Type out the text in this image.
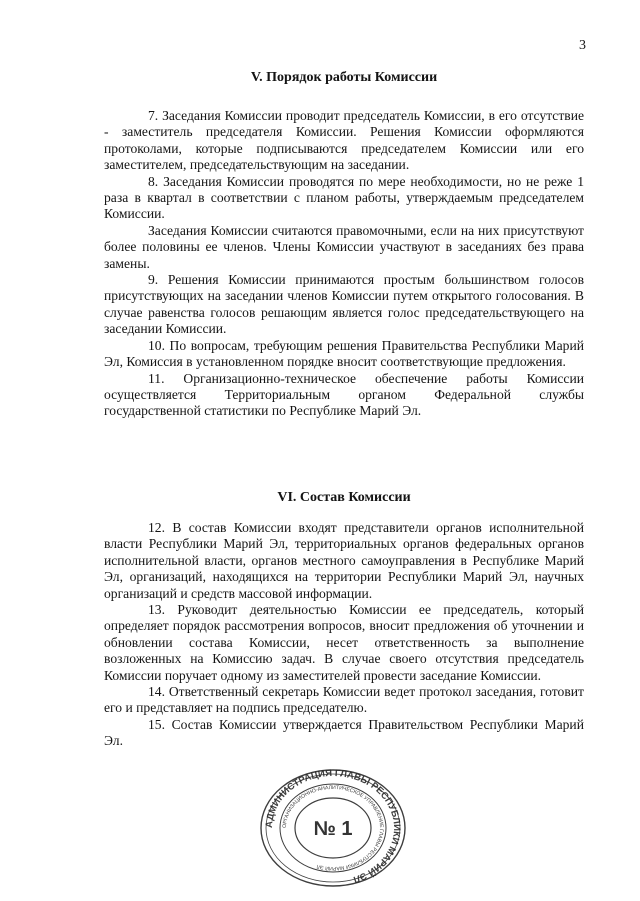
3
V. Порядок работы Комиссии

7. Заседания Комиссии проводит председатель Комиссии, в его отсутствие - заместитель председателя Комиссии. Решения Комиссии оформляются протоколами, которые подписываются председателем Комиссии или его заместителем, председательствующим на заседании.

8. Заседания Комиссии проводятся по мере необходимости, но не реже 1 раза в квартал в соответствии с планом работы, утверждаемым председателем Комиссии.

Заседания Комиссии считаются правомочными, если на них присутствуют более половины ее членов. Члены Комиссии участвуют в заседаниях без права замены.

9. Решения Комиссии принимаются простым большинством голосов присутствующих на заседании членов Комиссии путем открытого голосования. В случае равенства голосов решающим является голос председательствующего на заседании Комиссии.

10. По вопросам, требующим решения Правительства Республики Марий Эл, Комиссия в установленном порядке вносит соответствующие предложения.

11. Организационно-техническое обеспечение работы Комиссии осуществляется Территориальным органом Федеральной службы государственной статистики по Республике Марий Эл.

VI. Состав Комиссии

12. В состав Комиссии входят представители органов исполнительной власти Республики Марий Эл, территориальных органов федеральных органов исполнительной власти, органов местного самоуправления в Республике Марий Эл, организаций, находящихся на территории Республики Марий Эл, научных организаций и средств массовой информации.

13. Руководит деятельностью Комиссии ее председатель, который определяет порядок рассмотрения вопросов, вносит предложения об уточнении и обновлении состава Комиссии, несет ответственность за выполнение возложенных на Комиссию задач. В случае своего отсутствия председатель Комиссии поручает одному из заместителей провести заседание Комиссии.

14. Ответственный секретарь Комиссии ведет протокол заседания, готовит его и представляет на подпись председателю.

15. Состав Комиссии утверждается Правительством Республики Марий Эл.

АДМИНИСТРАЦИЯ ГЛАВЫ РЕСПУБЛИКИ МАРИЙ ЭЛ
ОРГАНИЗАЦИОННО-АНАЛИТИЧЕСКОЕ УПРАВЛЕНИЕ ГЛАВЫ РЕСПУБЛИКИ МАРИЙ ЭЛ
№ 1
